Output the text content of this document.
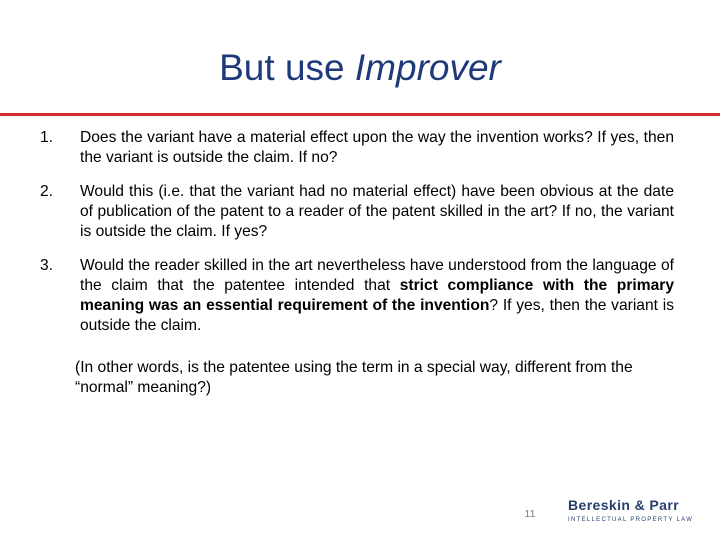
But use Improver
1.	Does the variant have a material effect upon the way the invention works? If yes, then the variant is outside the claim. If no?
2.	Would this (i.e. that the variant had no material effect) have been obvious at the date of publication of the patent to a reader of the patent skilled in the art? If no, the variant is outside the claim. If yes?
3.	Would the reader skilled in the art nevertheless have understood from the language of the claim that the patentee intended that strict compliance with the primary meaning was an essential requirement of the invention? If yes, then the variant is outside the claim.
(In other words, is the patentee using the term in a special way, different from the “normal” meaning?)
11
Bereskin & Parr
INTELLECTUAL PROPERTY LAW
